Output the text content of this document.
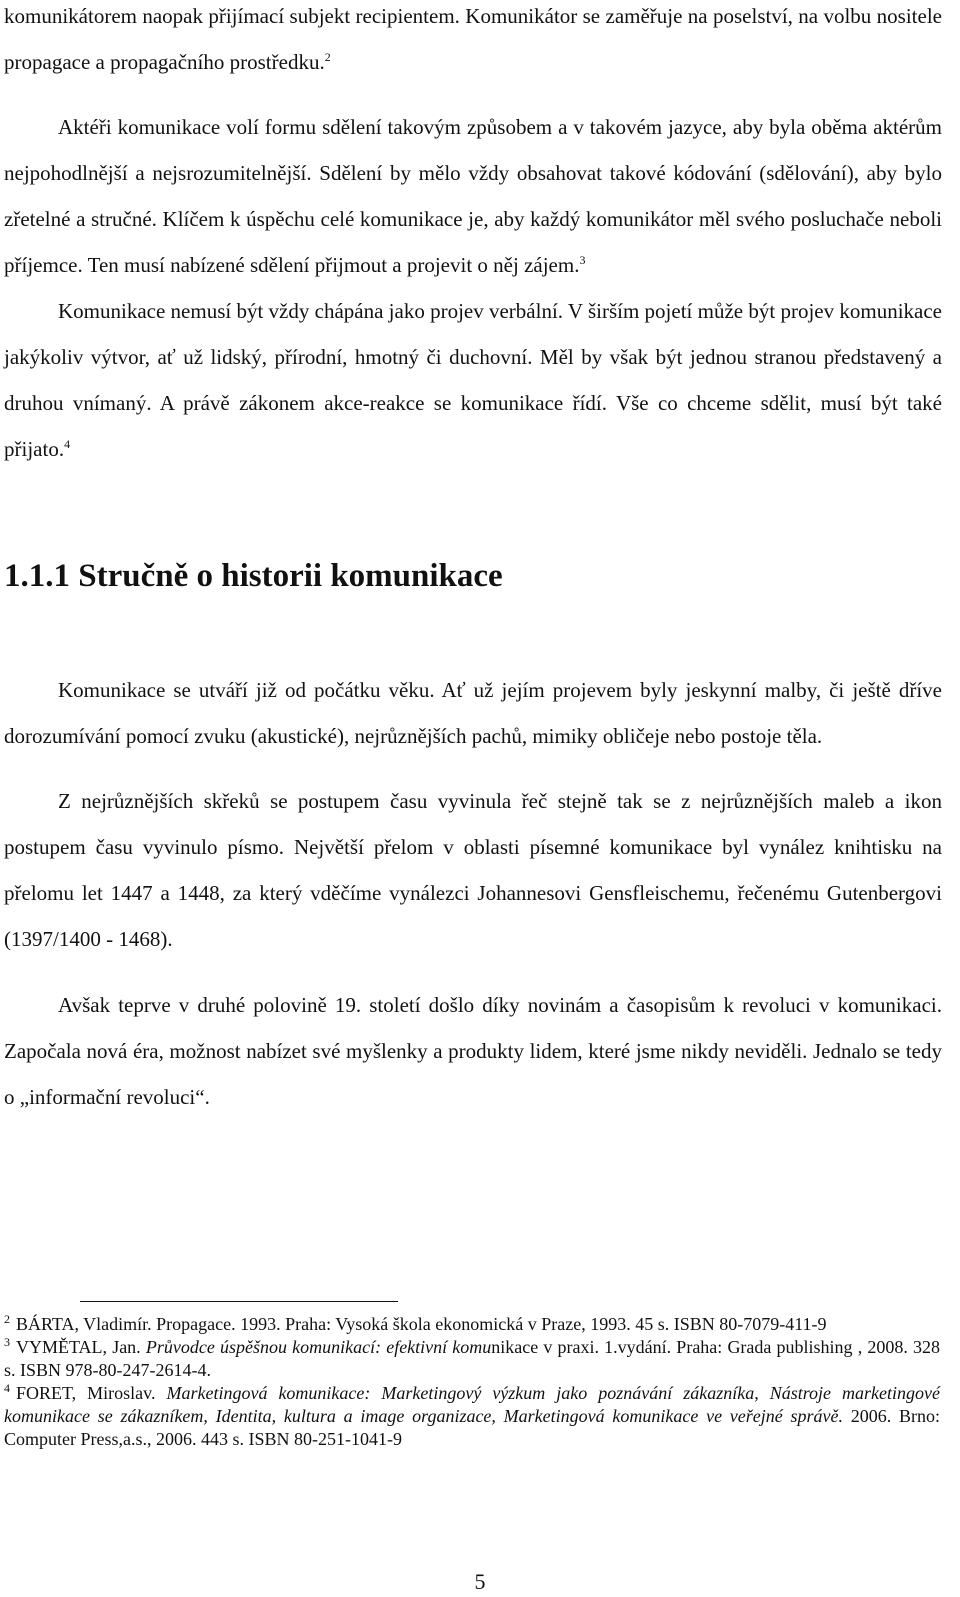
komunikátorem naopak přijímací subjekt recipientem. Komunikátor se zaměřuje na poselství, na volbu nositele propagace a propagačního prostředku.$^2$

Aktéři komunikace volí formu sdělení takovým způsobem a v takovém jazyce, aby byla oběma aktérům nejpohodlnější a nejsrozumitelnější. Sdělení by mělo vždy obsahovat takové kódování (sdělování), aby bylo zřetelné a stručné. Klíčem k úspěchu celé komunikace je, aby každý komunikátor měl svého posluchače neboli příjemce. Ten musí nabízené sdělení přijmout a projevit o něj zájem.$^3$

Komunikace nemusí být vždy chápána jako projev verbální. V širším pojetí může být projev komunikace jakýkoliv výtvor, ať už lidský, přírodní, hmotný či duchovní. Měl by však být jednou stranou představený a druhou vnímaný. A právě zákonem akce-reakce se komunikace řídí. Vše co chceme sdělit, musí být také přijato.$^4$

1.1.1 Stručně o historii komunikace

Komunikace se utváří již od počátku věku. Ať už jejím projevem byly jeskynní malby, či ještě dříve dorozumívání pomocí zvuku (akustické), nejrůznějších pachů, mimiky obličeje nebo postoje těla.

Z nejrůznějších skřeků se postupem času vyvinula řeč stejně tak se z nejrůznějších maleb a ikon postupem času vyvinulo písmo. Největší přelom v oblasti písemné komunikace byl vynález knihtisku na přelomu let 1447 a 1448, za který vděčíme vynálezci Johannesovi Gensfleischemu, řečenému Gutenbergovi (1397/1400 - 1468).

Avšak teprve v druhé polovině 19. století došlo díky novinám a časopisům k revoluci v komunikaci. Započala nová éra, možnost nabízet své myšlenky a produkty lidem, které jsme nikdy neviděli. Jednalo se tedy o „informační revoluci“.

$^2$ BÁRTA, Vladimír. Propagace. 1993. Praha: Vysoká škola ekonomická v Praze, 1993. 45 s. ISBN 80-7079-411-9

$^3$ VYMĚTAL, Jan. Průvodce úspěšnou komunikací: efektivní komunikace v praxi. 1.vydání. Praha: Grada publishing , 2008. 328 s. ISBN 978-80-247-2614-4.

$^4$ FORET, Miroslav. Marketingová komunikace: Marketingový výzkum jako poznávání zákazníka, Nástroje marketingové komunikace se zákazníkem, Identita, kultura a image organizace, Marketingová komunikace ve veřejné správě. 2006. Brno: Computer Press,a.s., 2006. 443 s. ISBN 80-251-1041-9

5
